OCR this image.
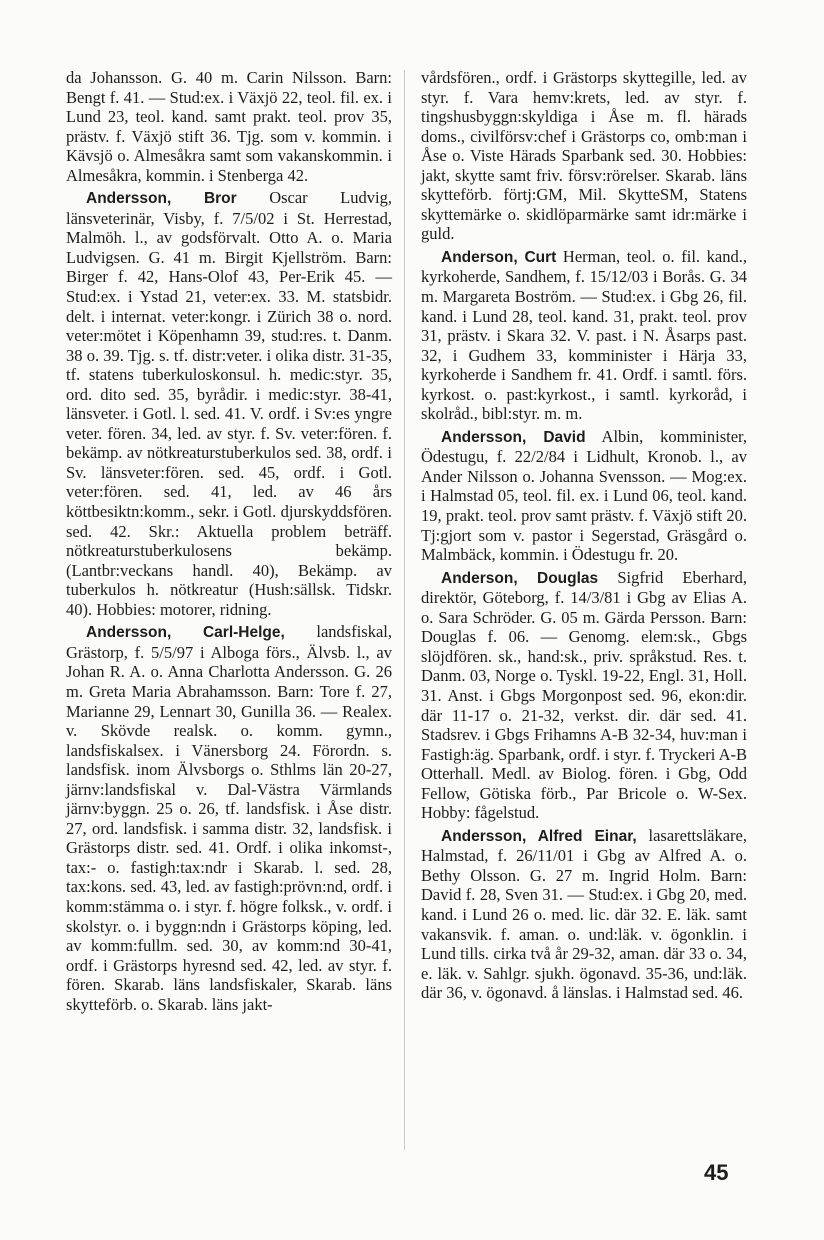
da Johansson. G. 40 m. Carin Nilsson. Barn: Bengt f. 41. — Stud:ex. i Växjö 22, teol. fil. ex. i Lund 23, teol. kand. samt prakt. teol. prov 35, prästv. f. Växjö stift 36. Tjg. som v. kommin. i Kävsjö o. Almesåkra samt som vakanskommin. i Almesåkra, kommin. i Stenberga 42.

Andersson, Bror Oscar Ludvig, länsveterinär, Visby, f. 7/5/02 i St. Herrestad, Malmöh. l., av godsförvalt. Otto A. o. Maria Ludvigsen. G. 41 m. Birgit Kjellström. Barn: Birger f. 42, Hans-Olof 43, Per-Erik 45. — Stud:ex. i Ystad 21, veter:ex. 33. M. statsbidr. delt. i internat. veter:kongr. i Zürich 38 o. nord. veter:mötet i Köpenhamn 39, stud:res. t. Danm. 38 o. 39. Tjg. s. tf. distr:veter. i olika distr. 31-35, tf. statens tuberkuloskonsul. h. medic:styr. 35, ord. dito sed. 35, byrådir. i medic:styr. 38-41, länsveter. i Gotl. l. sed. 41. V. ordf. i Sv:es yngre veter. fören. 34, led. av styr. f. Sv. veter:fören. f. bekämp. av nötkreaturstuberkulos sed. 38, ordf. i Sv. länsveter:fören. sed. 45, ordf. i Gotl. veter:fören. sed. 41, led. av 46 års köttbesiktn:komm., sekr. i Gotl. djurskyddsfören. sed. 42. Skr.: Aktuella problem beträff. nötkreaturstuberkulosens bekämp. (Lantbr:veckans handl. 40), Bekämp. av tuberkulos h. nötkreatur (Hush:sällsk. Tidskr. 40). Hobbies: motorer, ridning.

Andersson, Carl-Helge, landsfiskal, Grästorp, f. 5/5/97 i Alboga förs., Älvsb. l., av Johan R. A. o. Anna Charlotta Andersson. G. 26 m. Greta Maria Abrahamsson. Barn: Tore f. 27, Marianne 29, Lennart 30, Gunilla 36. — Realex. v. Skövde realsk. o. komm. gymn., landsfiskalsex. i Vänersborg 24. Förordn. s. landsfisk. inom Älvsborgs o. Sthlms län 20-27, järnv:landsfiskal v. Dal-Västra Värmlands järnv:byggn. 25 o. 26, tf. landsfisk. i Åse distr. 27, ord. landsfisk. i samma distr. 32, landsfisk. i Grästorps distr. sed. 41. Ordf. i olika inkomst-, tax:- o. fastigh:tax:ndr i Skarab. l. sed. 28, tax:kons. sed. 43, led. av fastigh:prövn:nd, ordf. i komm:stämma o. i styr. f. högre folksk., v. ordf. i skolstyr. o. i byggn:ndn i Grästorps köping, led. av komm:fullm. sed. 30, av komm:nd 30-41, ordf. i Grästorps hyresnd sed. 42, led. av styr. f. fören. Skarab. läns landsfiskaler, Skarab. läns skytteförb. o. Skarab. läns jakt-

vårdsfören., ordf. i Grästorps skyttegille, led. av styr. f. Vara hemv:krets, led. av styr. f. tingshusbyggn:skyldiga i Åse m. fl. härads doms., civilförsv:chef i Grästorps co, omb:man i Åse o. Viste Härads Sparbank sed. 30. Hobbies: jakt, skytte samt friv. försv:rörelser. Skarab. läns skytteförb. förtj:GM, Mil. SkytteSM, Statens skyttemärke o. skidlöparmärke samt idr:märke i guld.

Anderson, Curt Herman, teol. o. fil. kand., kyrkoherde, Sandhem, f. 15/12/03 i Borås. G. 34 m. Margareta Boström. — Stud:ex. i Gbg 26, fil. kand. i Lund 28, teol. kand. 31, prakt. teol. prov 31, prästv. i Skara 32. V. past. i N. Åsarps past. 32, i Gudhem 33, komminister i Härja 33, kyrkoherde i Sandhem fr. 41. Ordf. i samtl. förs. kyrkost. o. past:kyrkost., i samtl. kyrkoråd, i skolråd., bibl:styr. m. m.

Andersson, David Albin, komminister, Ödestugu, f. 22/2/84 i Lidhult, Kronob. l., av Ander Nilsson o. Johanna Svensson. — Mog:ex. i Halmstad 05, teol. fil. ex. i Lund 06, teol. kand. 19, prakt. teol. prov samt prästv. f. Växjö stift 20. Tj:gjort som v. pastor i Segerstad, Gräsgård o. Malmbäck, kommin. i Ödestugu fr. 20.

Anderson, Douglas Sigfrid Eberhard, direktör, Göteborg, f. 14/3/81 i Gbg av Elias A. o. Sara Schröder. G. 05 m. Gärda Persson. Barn: Douglas f. 06. — Genomg. elem:sk., Gbgs slöjdfören. sk., hand:sk., priv. språkstud. Res. t. Danm. 03, Norge o. Tyskl. 19-22, Engl. 31, Holl. 31. Anst. i Gbgs Morgonpost sed. 96, ekon:dir. där 11-17 o. 21-32, verkst. dir. där sed. 41. Stadsrev. i Gbgs Frihamns A-B 32-34, huv:man i Fastigh:äg. Sparbank, ordf. i styr. f. Tryckeri A-B Otterhall. Medl. av Biolog. fören. i Gbg, Odd Fellow, Götiska förb., Par Bricole o. W-Sex. Hobby: fågelstud.

Andersson, Alfred Einar, lasarettsläkare, Halmstad, f. 26/11/01 i Gbg av Alfred A. o. Bethy Olsson. G. 27 m. Ingrid Holm. Barn: David f. 28, Sven 31. — Stud:ex. i Gbg 20, med. kand. i Lund 26 o. med. lic. där 32. E. läk. samt vakansvik. f. aman. o. und:läk. v. ögonklin. i Lund tills. cirka två år 29-32, aman. där 33 o. 34, e. läk. v. Sahlgr. sjukh. ögonavd. 35-36, und:läk. där 36, v. ögonavd. å länslas. i Halmstad sed. 46.

45
